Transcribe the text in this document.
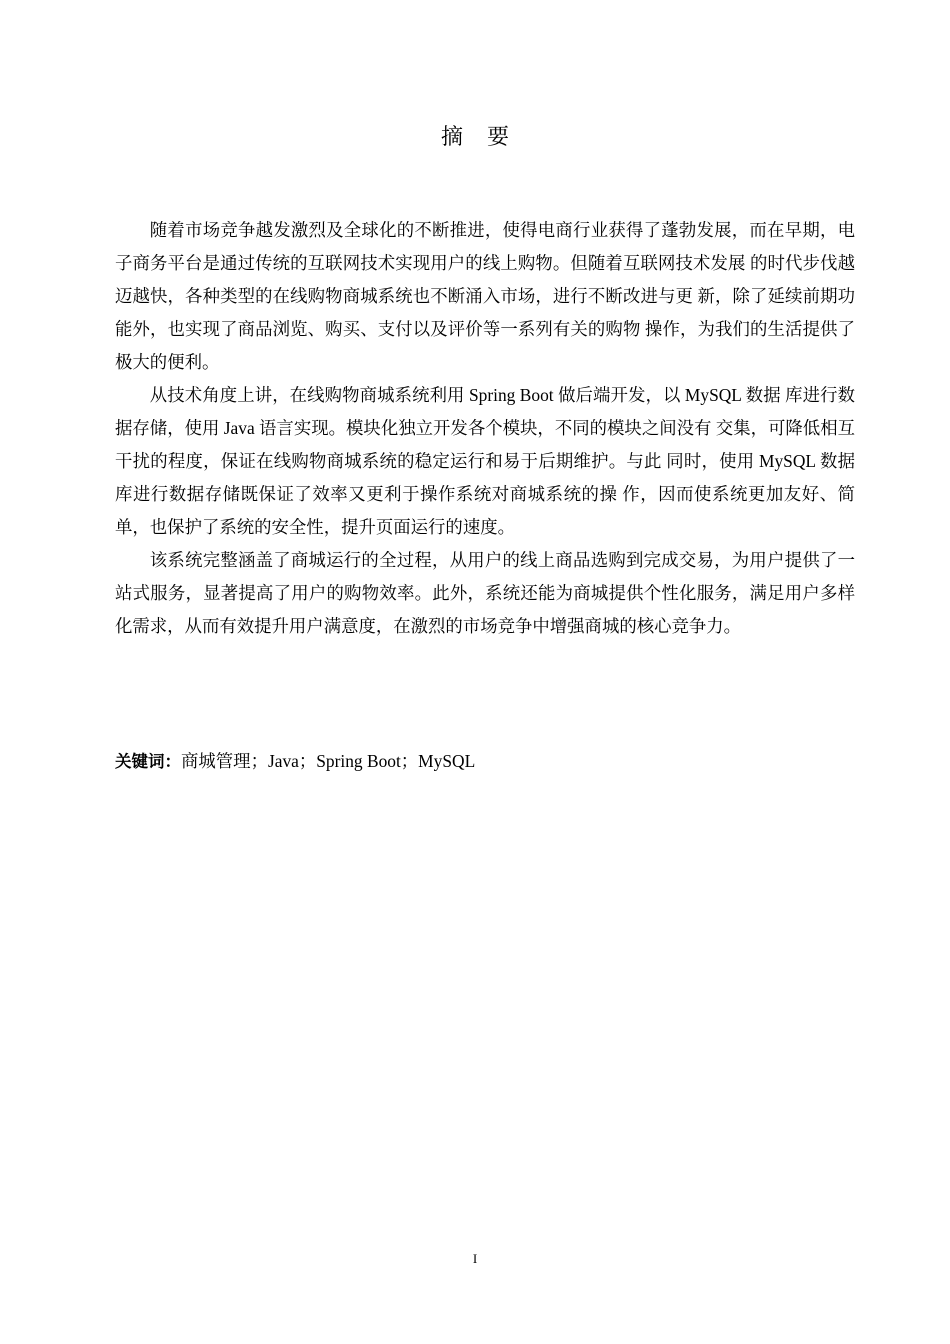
摘要

随着市场竞争越发激烈及全球化的不断推进，使得电商行业获得了蓬勃发展，而在早期，电子商务平台是通过传统的互联网技术实现用户的线上购物。但随着互联网技术发展 的时代步伐越迈越快，各种类型的在线购物商城系统也不断涌入市场，进行不断改进与更 新，除了延续前期功能外，也实现了商品浏览、购买、支付以及评价等一系列有关的购物 操作，为我们的生活提供了极大的便利。

从技术角度上讲，在线购物商城系统利用 Spring Boot 做后端开发，以 MySQL 数据 库进行数据存储，使用 Java 语言实现。模块化独立开发各个模块，不同的模块之间没有 交集，可降低相互干扰的程度，保证在线购物商城系统的稳定运行和易于后期维护。与此 同时，使用 MySQL 数据库进行数据存储既保证了效率又更利于操作系统对商城系统的操 作，因而使系统更加友好、简单，也保护了系统的安全性，提升页面运行的速度。

该系统完整涵盖了商城运行的全过程，从用户的线上商品选购到完成交易，为用户提供了一站式服务，显著提高了用户的购物效率。此外，系统还能为商城提供个性化服务，满足用户多样化需求，从而有效提升用户满意度，在激烈的市场竞争中增强商城的核心竞争力。

关键词：商城管理；Java；Spring Boot；MySQL
I
